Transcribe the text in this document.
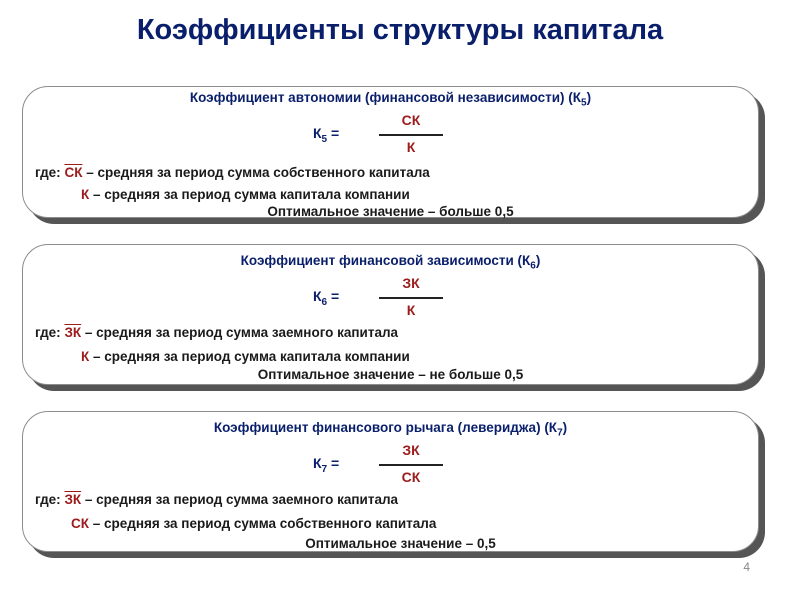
Коэффициенты структуры капитала
Коэффициент автономии (финансовой независимости) $(К_5)$
$К_5$ =
СК
К
где: СК – средняя за период сумма собственного капитала
К – средняя за период сумма капитала компании
Оптимальное значение – больше 0,5
Коэффициент финансовой зависимости $(К_6)$
$К_6$ =
ЗК
К
где: ЗК – средняя за период сумма заемного капитала
К – средняя за период сумма капитала компании
Оптимальное значение – не больше 0,5
Коэффициент финансового рычага (левериджа) $(К_7)$
$К_7$ =
ЗК
СК
где: ЗК – средняя за период сумма заемного капитала
СК – средняя за период сумма собственного капитала
Оптимальное значение – 0,5
4
